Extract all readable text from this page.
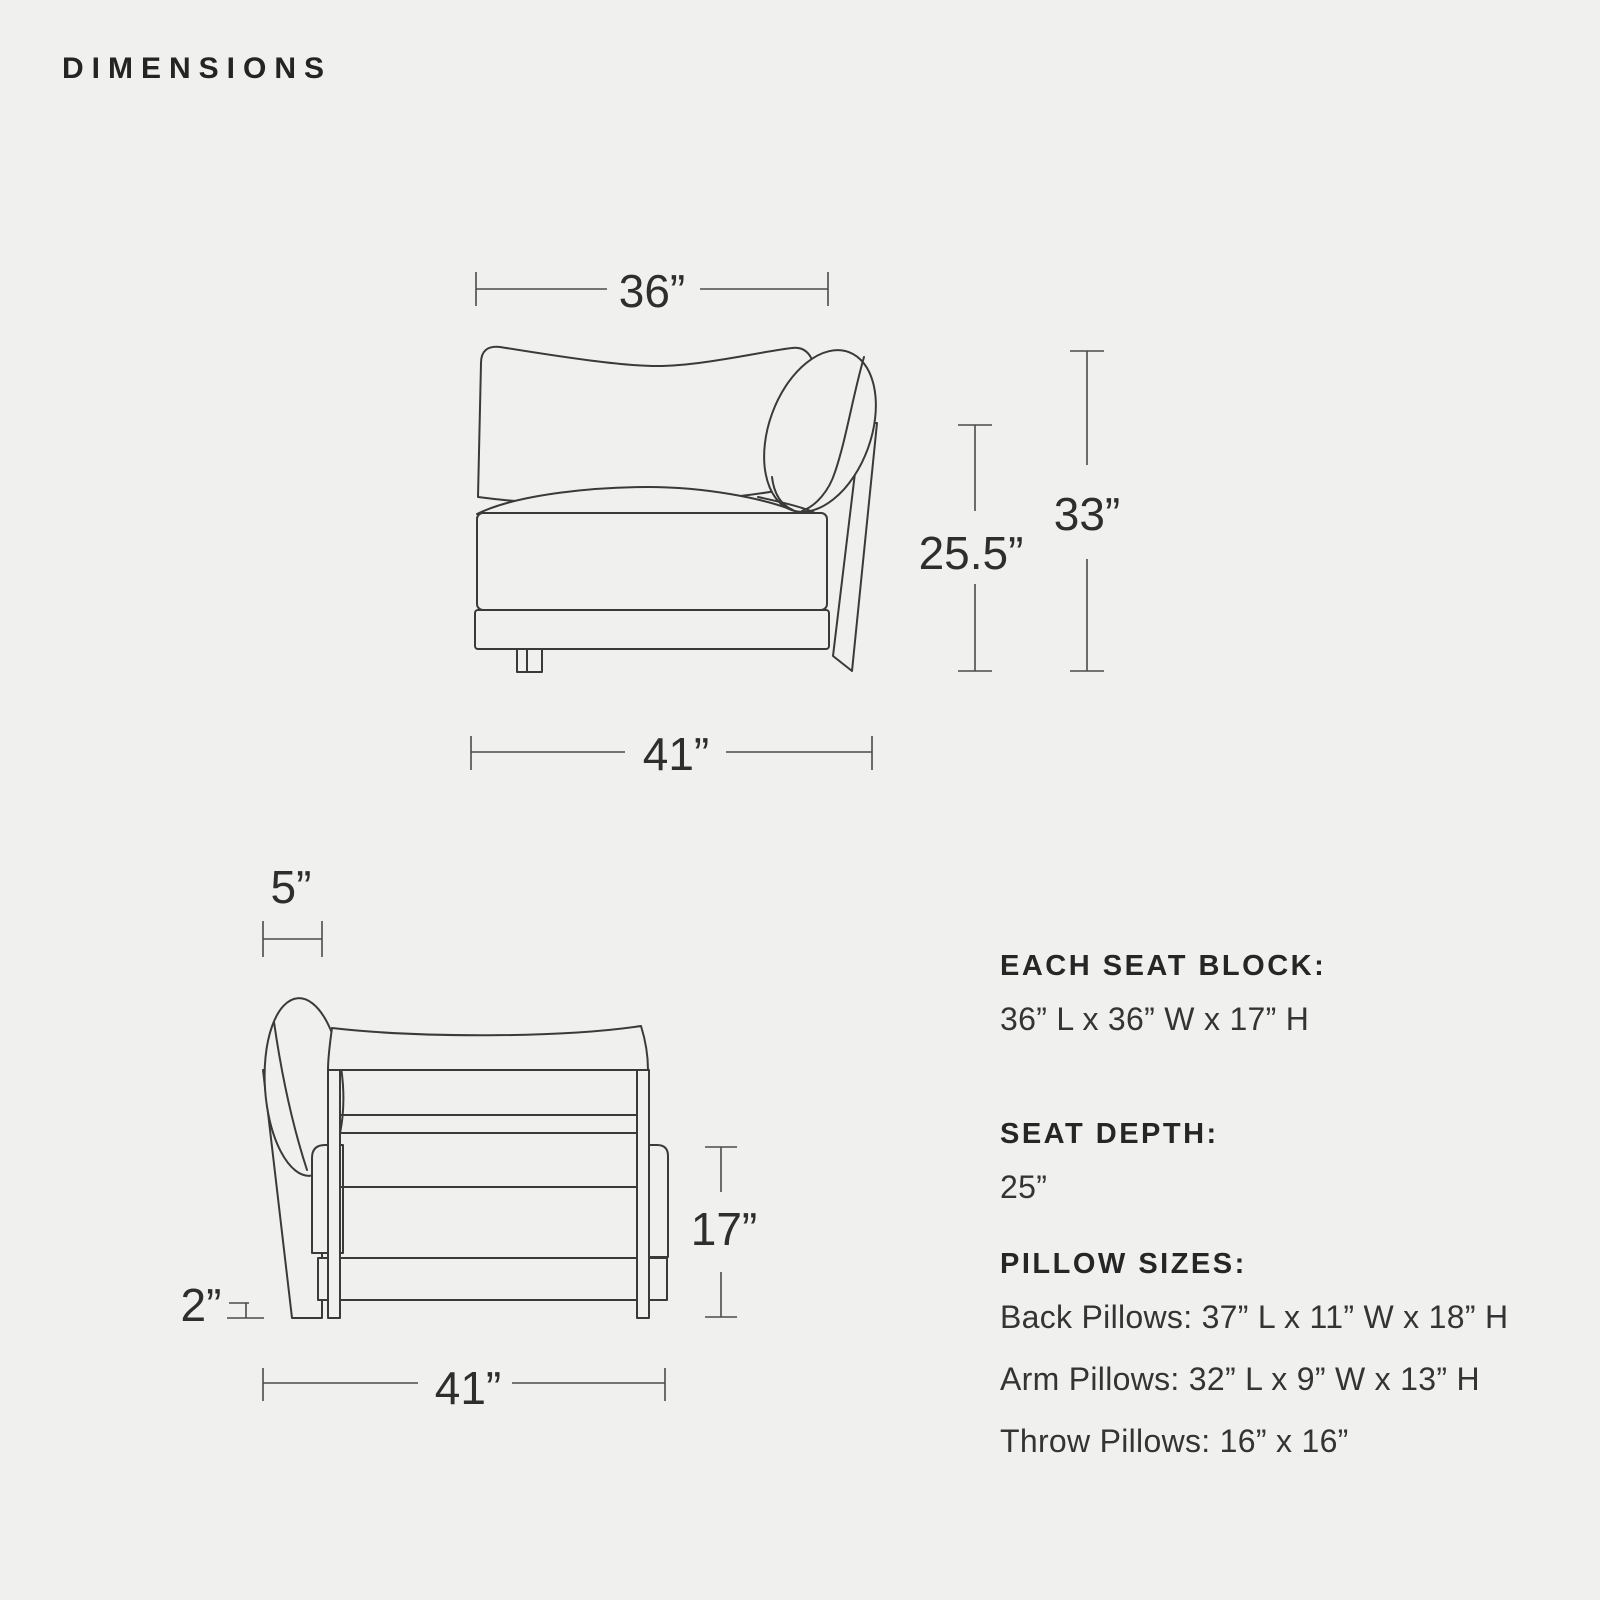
DIMENSIONS
36”
25.5”
33”
41”
5”
2”
17”
41”
EACH SEAT BLOCK:

36” L x 36” W x 17” H

SEAT DEPTH:

25”

PILLOW SIZES:

Back Pillows: 37” L x 11” W x 18” H

Arm Pillows: 32” L x 9” W x 13” H

Throw Pillows: 16” x 16”
